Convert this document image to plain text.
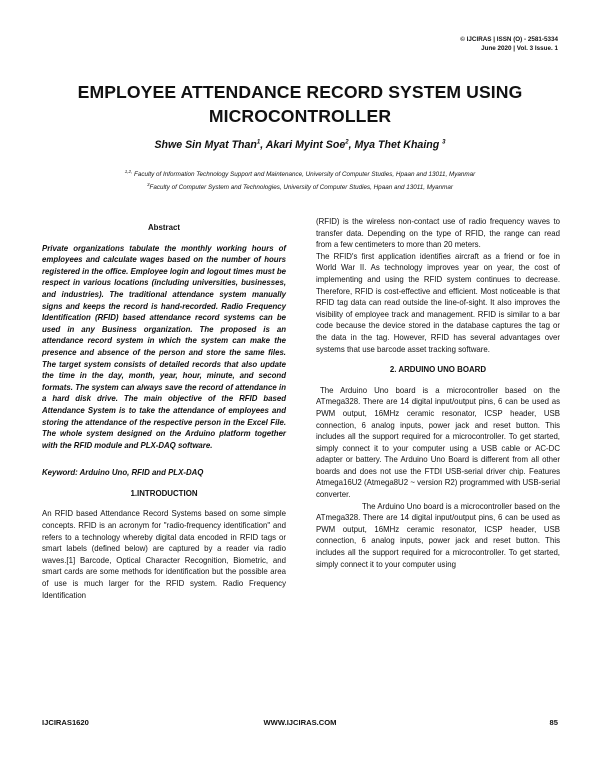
© IJCIRAS | ISSN (O) - 2581-5334
June 2020 | Vol. 3 Issue. 1
EMPLOYEE ATTENDANCE RECORD SYSTEM USING
MICROCONTROLLER
Shwe Sin Myat Than$^1$, Akari Myint Soe$^2$, Mya Thet Khaing $^3$
$^{1,2,}$ Faculty of Information Technology Support and Maintenance, University of Computer Studies, Hpaan and 13011, Myanmar
$^3$Faculty of Computer System and Technologies, University of Computer Studies, Hpaan and 13011, Myanmar
Abstract

Private organizations tabulate the monthly working hours of employees and calculate wages based on the number of hours registered in the office. Employee login and logout times must be respect in various locations (including universities, businesses, and industries). The traditional attendance system manually signs and keeps the record is hand-recorded. Radio Frequency Identification (RFID) based attendance record systems can be used in any Business organization. The proposed is an attendance record system in which the system can make the presence and absence of the person and store the same files. The target system consists of detailed records that also update the time in the day, month, year, hour, minute, and second formats. The system can always save the record of attendance in a hard disk drive. The main objective of the RFID based Attendance System is to take the attendance of employees and storing the attendance of the respective person in the Excel File. The whole system designed on the Arduino platform together with the RFID module and PLX-DAQ software.

Keyword: Arduino Uno, RFID and PLX-DAQ

1.INTRODUCTION

An RFID based Attendance Record Systems based on some simple concepts. RFID is an acronym for "radio-frequency identification" and refers to a technology whereby digital data encoded in RFID tags or smart labels (defined below) are captured by a reader via radio waves.[1] Barcode, Optical Character Recognition, Biometric, and smart cards are some methods for identification but the possible area of use is much larger for the RFID system. Radio Frequency Identification

(RFID) is the wireless non-contact use of radio frequency waves to transfer data. Depending on the type of RFID, the range can read from a few centimeters to more than 20 meters.

The RFID's first application identifies aircraft as a friend or foe in World War II. As technology improves year on year, the cost of implementing and using the RFID system continues to decrease. Therefore, RFID is cost-effective and efficient. Most noticeable is that RFID tag data can read outside the line-of-sight. It also improves the visibility of employee track and management. RFID is similar to a bar code because the device stored in the database captures the tag or the data in the tag. However, RFID has several advantages over systems that use barcode asset tracking software.

2. ARDUINO UNO BOARD

The Arduino Uno board is a microcontroller based on the ATmega328. There are 14 digital input/output pins, 6 can be used as PWM output, 16MHz ceramic resonator, ICSP header, USB connection, 6 analog inputs, power jack and reset button. This includes all the support required for a microcontroller. To get started, simply connect it to your computer using a USB cable or AC-DC adapter or battery. The Arduino Uno Board is different from all other boards and does not use the FTDI USB-serial driver chip. Features Atmega16U2 (Atmega8U2 ~ version R2) programmed with USB-serial converter.

The Arduino Uno board is a microcontroller based on the ATmega328. There are 14 digital input/output pins, 6 can be used as PWM output, 16MHz ceramic resonator, ICSP header, USB connection, 6 analog inputs, power jack and reset button. This includes all the support required for a microcontroller. To get started, simply connect it to your computer using

IJCIRAS1620	WWW.IJCIRAS.COM	85
